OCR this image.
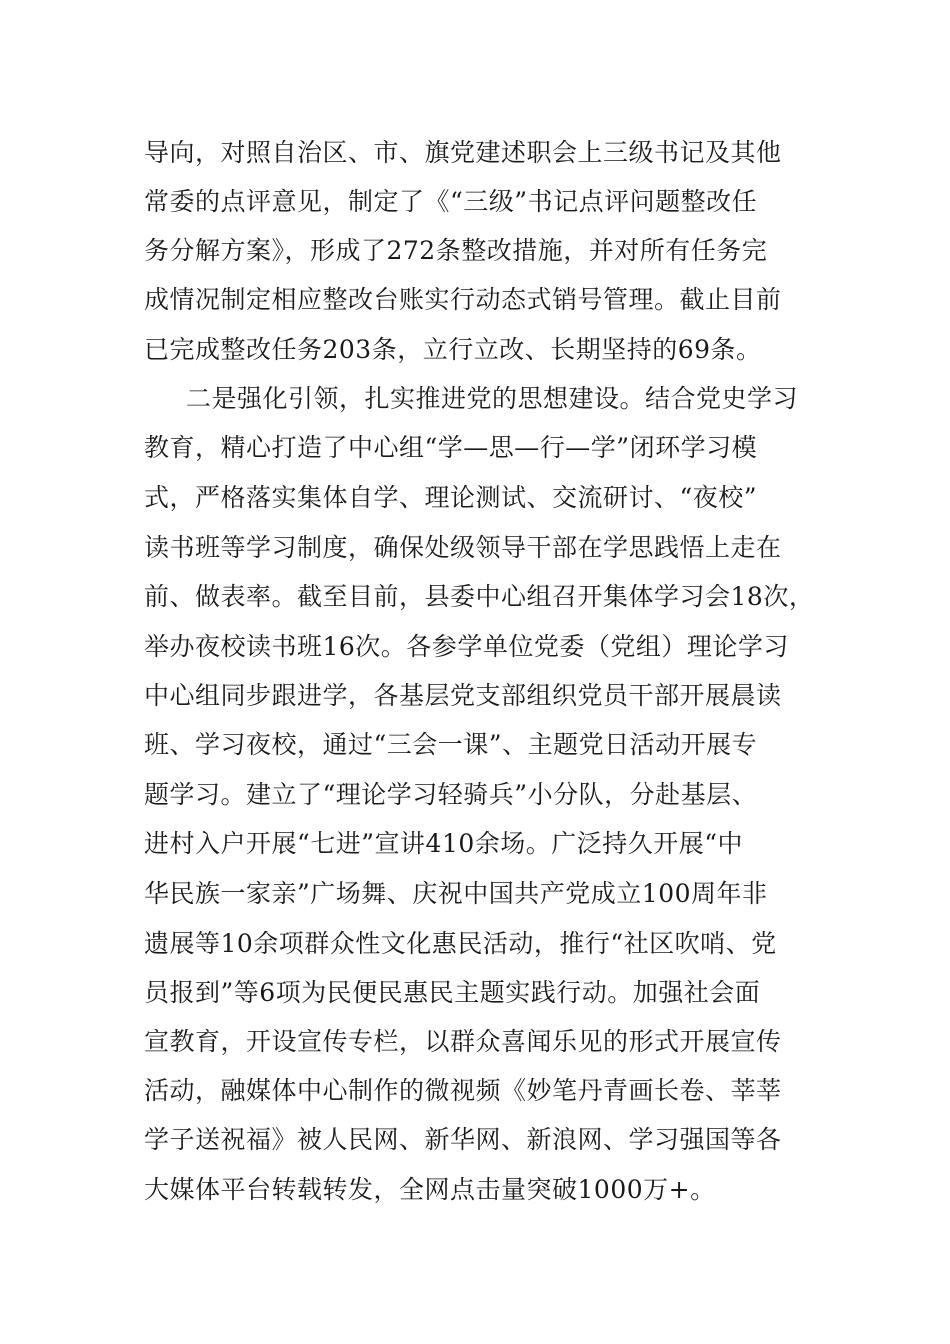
导向，对照自治区、市、旗党建述职会上三级书记及其他
常委的点评意见，制定了《“三级”书记点评问题整改任
务分解方案》，形成了272条整改措施，并对所有任务完
成情况制定相应整改台账实行动态式销号管理。截止目前
已完成整改任务203条，立行立改、长期坚持的69条。
二是强化引领，扎实推进党的思想建设。结合党史学习
教育，精心打造了中心组“学—思—行—学”闭环学习模
式，严格落实集体自学、理论测试、交流研讨、“夜校”
读书班等学习制度，确保处级领导干部在学思践悟上走在
前、做表率。截至目前，县委中心组召开集体学习会18次，
举办夜校读书班16次。各参学单位党委（党组）理论学习
中心组同步跟进学，各基层党支部组织党员干部开展晨读
班、学习夜校，通过“三会一课”、主题党日活动开展专
题学习。建立了“理论学习轻骑兵”小分队，分赴基层、
进村入户开展“七进”宣讲410余场。广泛持久开展“中
华民族一家亲”广场舞、庆祝中国共产党成立100周年非
遗展等10余项群众性文化惠民活动，推行“社区吹哨、党
员报到”等6项为民便民惠民主题实践行动。加强社会面
宣教育，开设宣传专栏，以群众喜闻乐见的形式开展宣传
活动，融媒体中心制作的微视频《妙笔丹青画长卷、莘莘
学子送祝福》被人民网、新华网、新浪网、学习强国等各
大媒体平台转载转发，全网点击量突破1000万+。
